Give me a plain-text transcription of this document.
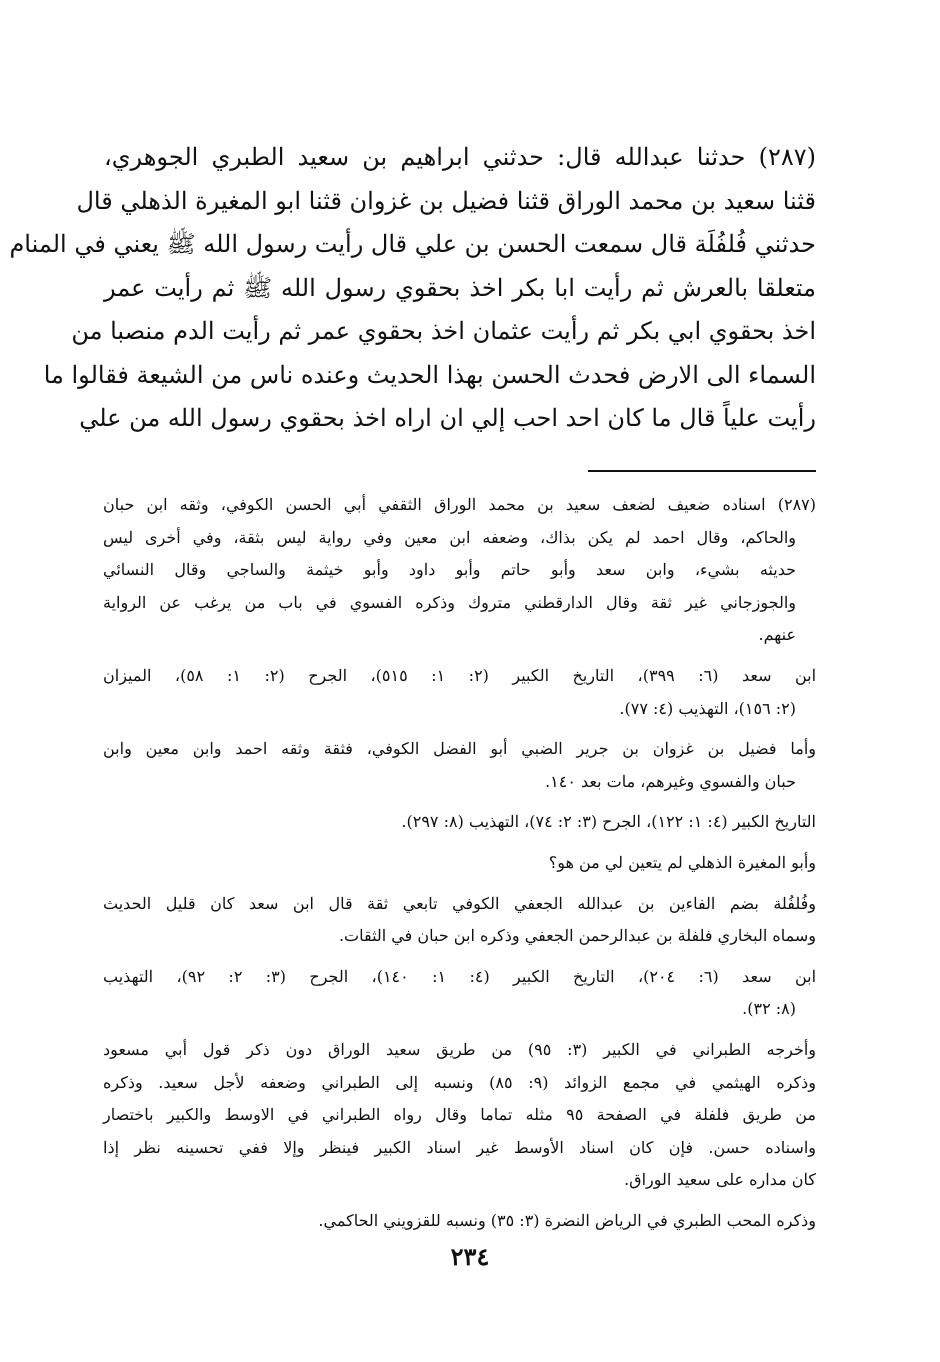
(٢٨٧) حدثنا عبدالله قال: حدثني ابراهيم بن سعيد الطبري الجوهري،
قثنا سعيد بن محمد الوراق قثنا فضيل بن غزوان قثنا ابو المغيرة الذهلي قال
حدثني فُلفُلَة قال سمعت الحسن بن علي قال رأيت رسول الله ﷺ يعني في المنام
متعلقا بالعرش ثم رأيت ابا بكر اخذ بحقوي رسول الله ﷺ ثم رأيت عمر
اخذ بحقوي ابي بكر ثم رأيت عثمان اخذ بحقوي عمر ثم رأيت الدم منصبا من
السماء الى الارض فحدث الحسن بهذا الحديث وعنده ناس من الشيعة فقالوا ما
رأيت علياً قال ما كان احد احب إلي ان اراه اخذ بحقوي رسول الله من علي
(٢٨٧) اسناده ضعيف لضعف سعيد بن محمد الوراق الثقفي أبي الحسن الكوفي، وثقه ابن حبان
والحاكم، وقال احمد لم يكن بذاك، وضعفه ابن معين وفي رواية ليس بثقة، وفي أخرى ليس
حديثه بشيء، وابن سعد وأبو حاتم وأبو داود وأبو خيثمة والساجي وقال النسائي
والجوزجاني غير ثقة وقال الدارقطني متروك وذكره الفسوي في باب من يرغب عن الرواية
عنهم.
ابن سعد (٦: ٣٩٩)، التاريخ الكبير (٢: ١: ٥١٥)، الجرح (٢: ١: ٥٨)، الميزان
(٢: ١٥٦)، التهذيب (٤: ٧٧).
وأما فضيل بن غزوان بن جرير الضبي أبو الفضل الكوفي، فثقة وثقه احمد وابن معين وابن
حبان والفسوي وغيرهم، مات بعد ١٤٠.
التاريخ الكبير (٤: ١: ١٢٢)، الجرح (٣: ٢: ٧٤)، التهذيب (٨: ٢٩٧).
وأبو المغيرة الذهلي لم يتعين لي من هو؟
وفُلفُلة بضم الفاءين بن عبدالله الجعفي الكوفي تابعي ثقة قال ابن سعد كان قليل الحديث
وسماه البخاري فلفلة بن عبدالرحمن الجعفي وذكره ابن حبان في الثقات.
ابن سعد (٦: ٢٠٤)، التاريخ الكبير (٤: ١: ١٤٠)، الجرح (٣: ٢: ٩٢)، التهذيب
(٨: ٣٢).
وأخرجه الطبراني في الكبير (٣: ٩٥) من طريق سعيد الوراق دون ذكر قول أبي مسعود
وذكره الهيثمي في مجمع الزوائد (٩: ٨٥) ونسبه إلى الطبراني وضعفه لأجل سعيد. وذكره
من طريق فلفلة في الصفحة ٩٥ مثله تماما وقال رواه الطبراني في الاوسط والكبير باختصار
واسناده حسن. فإن كان اسناد الأوسط غير اسناد الكبير فينظر وإلا ففي تحسينه نظر إذا
كان مداره على سعيد الوراق.
وذكره المحب الطبري في الرياض النضرة (٣: ٣٥) ونسبه للقزويني الحاكمي.
٢٣٤
